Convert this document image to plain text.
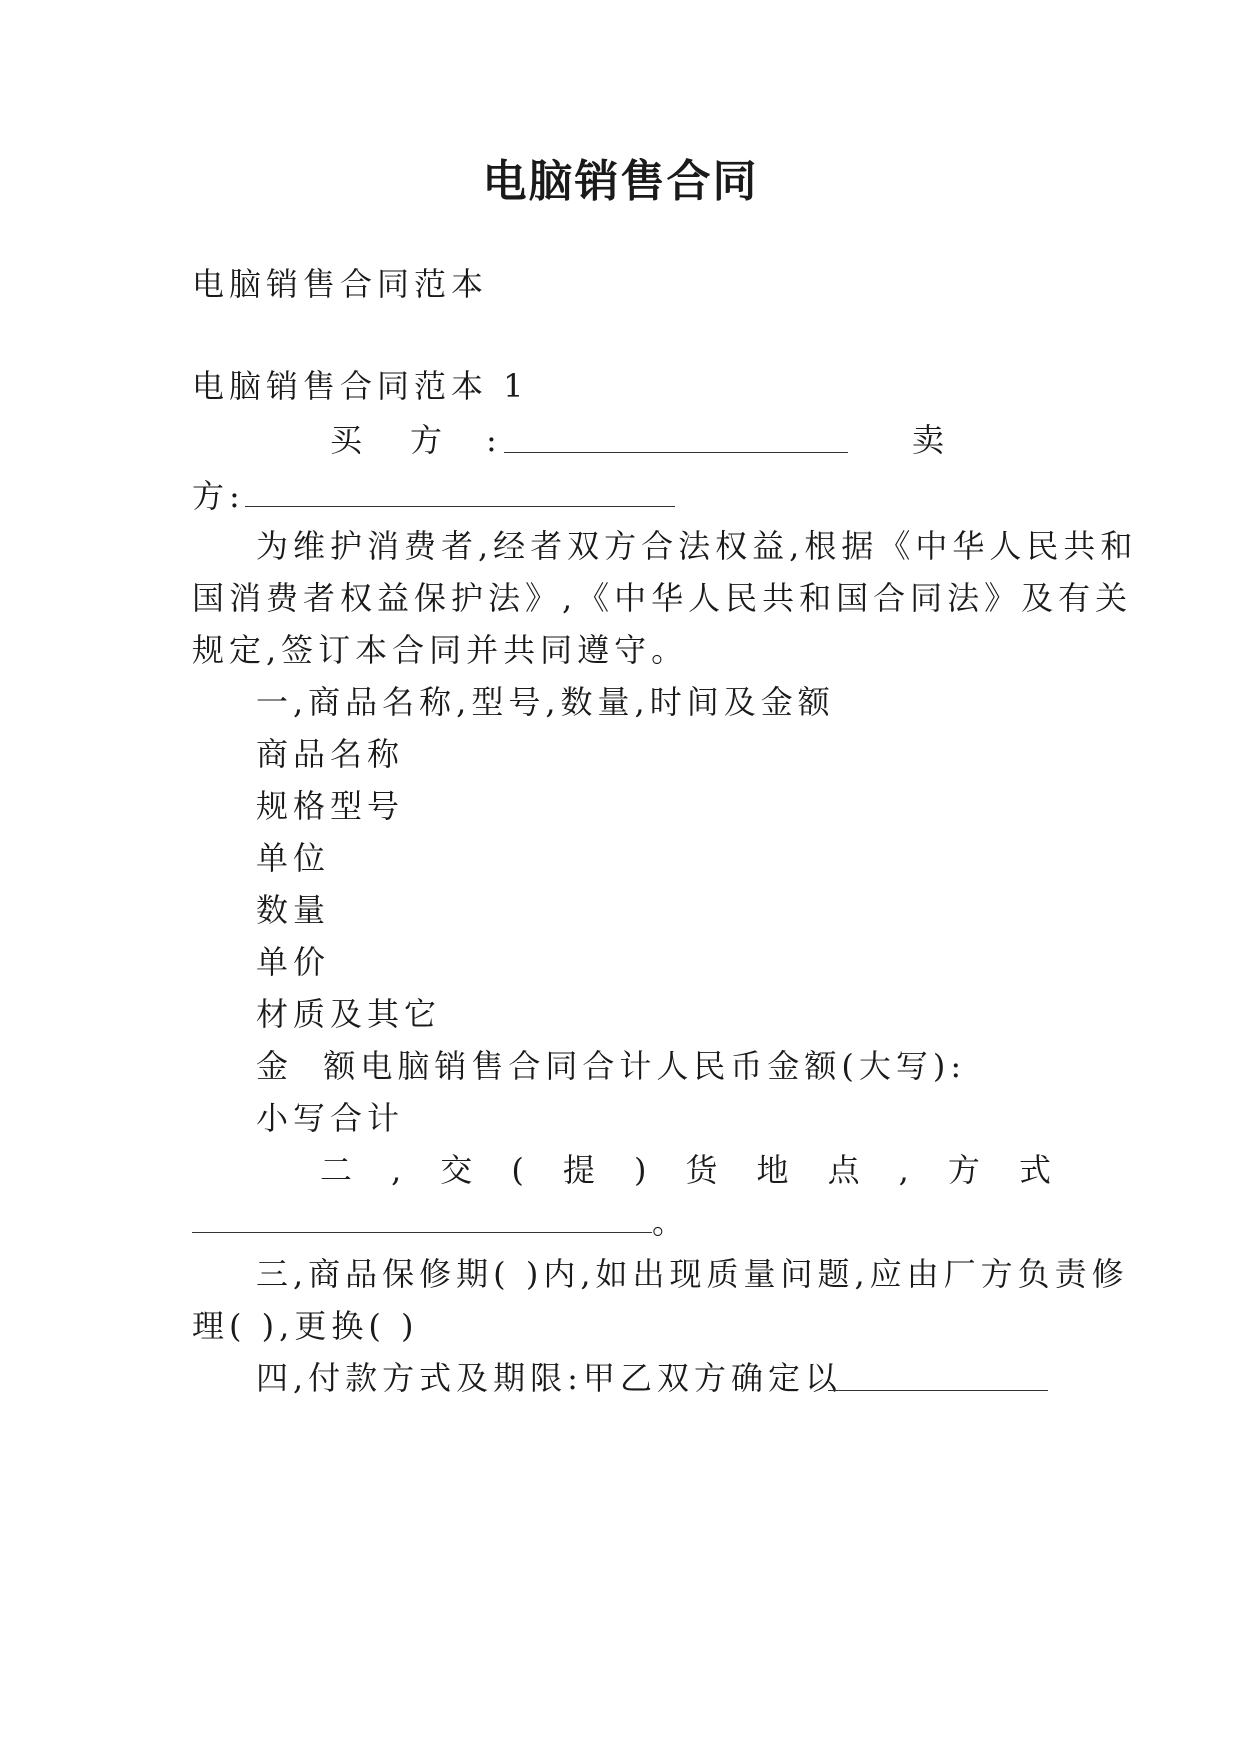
电脑销售合同
电脑销售合同范本
电脑销售合同范本 1
买 方 :	卖
方:
为维护消费者,经者双方合法权益,根据《中华人民共和
国消费者权益保护法》,《中华人民共和国合同法》及有关
规定,签订本合同并共同遵守。
一,商品名称,型号,数量,时间及金额
商品名称
规格型号
单位
数量
单价
材质及其它
金  额电脑销售合同合计人民币金额(大写):
小写合计
二 , 交 ( 提 ) 货 地 点 , 方 式
。
三,商品保修期( )内,如出现质量问题,应由厂方负责修
理( ),更换( )
四,付款方式及期限:甲乙双方确定以
